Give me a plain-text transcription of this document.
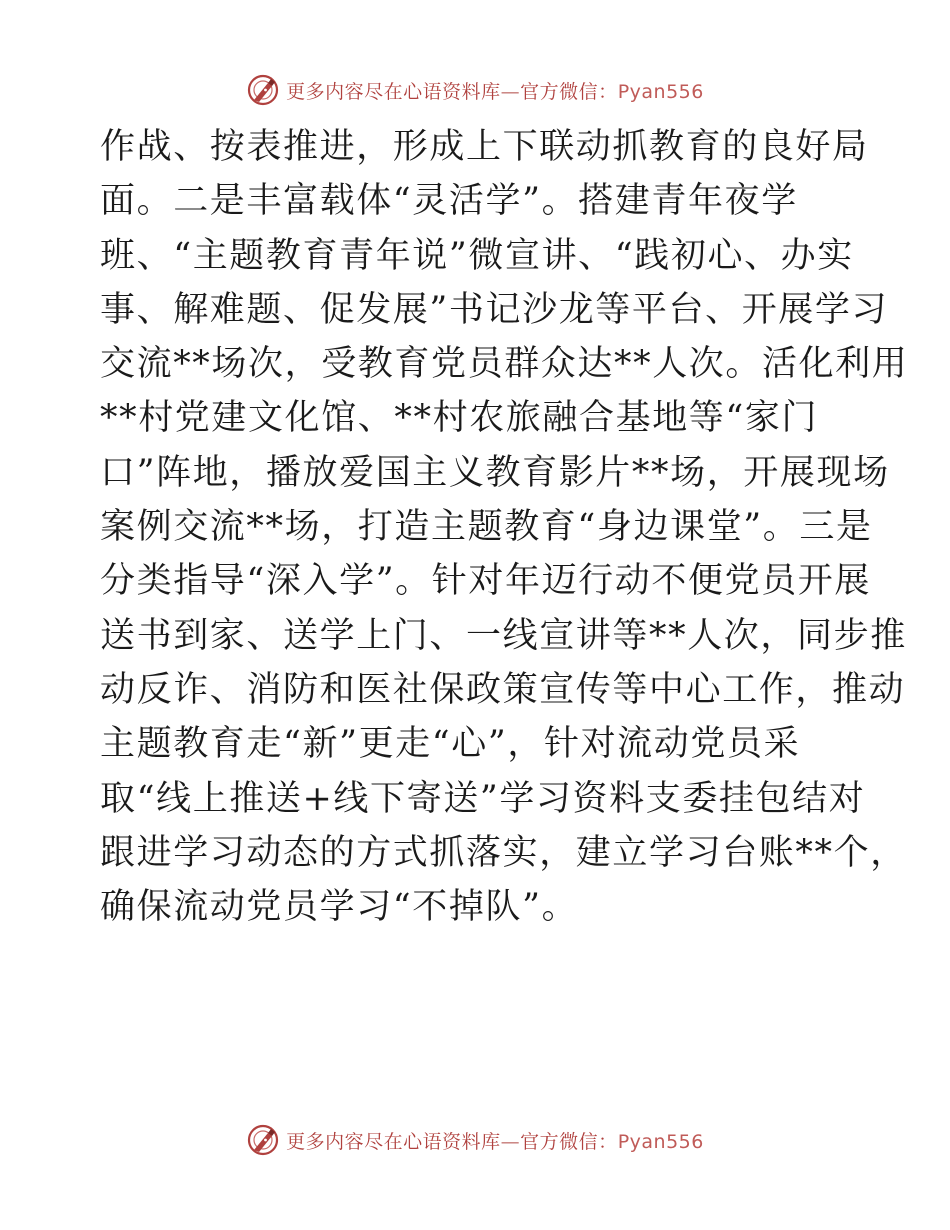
更多内容尽在心语资料库—官方微信：Pyan556
作战、按表推进，形成上下联动抓教育的良好局
面。二是丰富载体“灵活学”。搭建青年夜学
班、“主题教育青年说”微宣讲、“践初心、办实
事、解难题、促发展”书记沙龙等平台、开展学习
交流**场次，受教育党员群众达**人次。活化利用
**村党建文化馆、**村农旅融合基地等“家门
口”阵地，播放爱国主义教育影片**场，开展现场
案例交流**场，打造主题教育“身边课堂”。三是
分类指导“深入学”。针对年迈行动不便党员开展
送书到家、送学上门、一线宣讲等**人次，同步推
动反诈、消防和医社保政策宣传等中心工作，推动
主题教育走“新”更走“心”，针对流动党员采
取“线上推送+线下寄送”学习资料支委挂包结对
跟进学习动态的方式抓落实，建立学习台账**个，
确保流动党员学习“不掉队”。
更多内容尽在心语资料库—官方微信：Pyan556
